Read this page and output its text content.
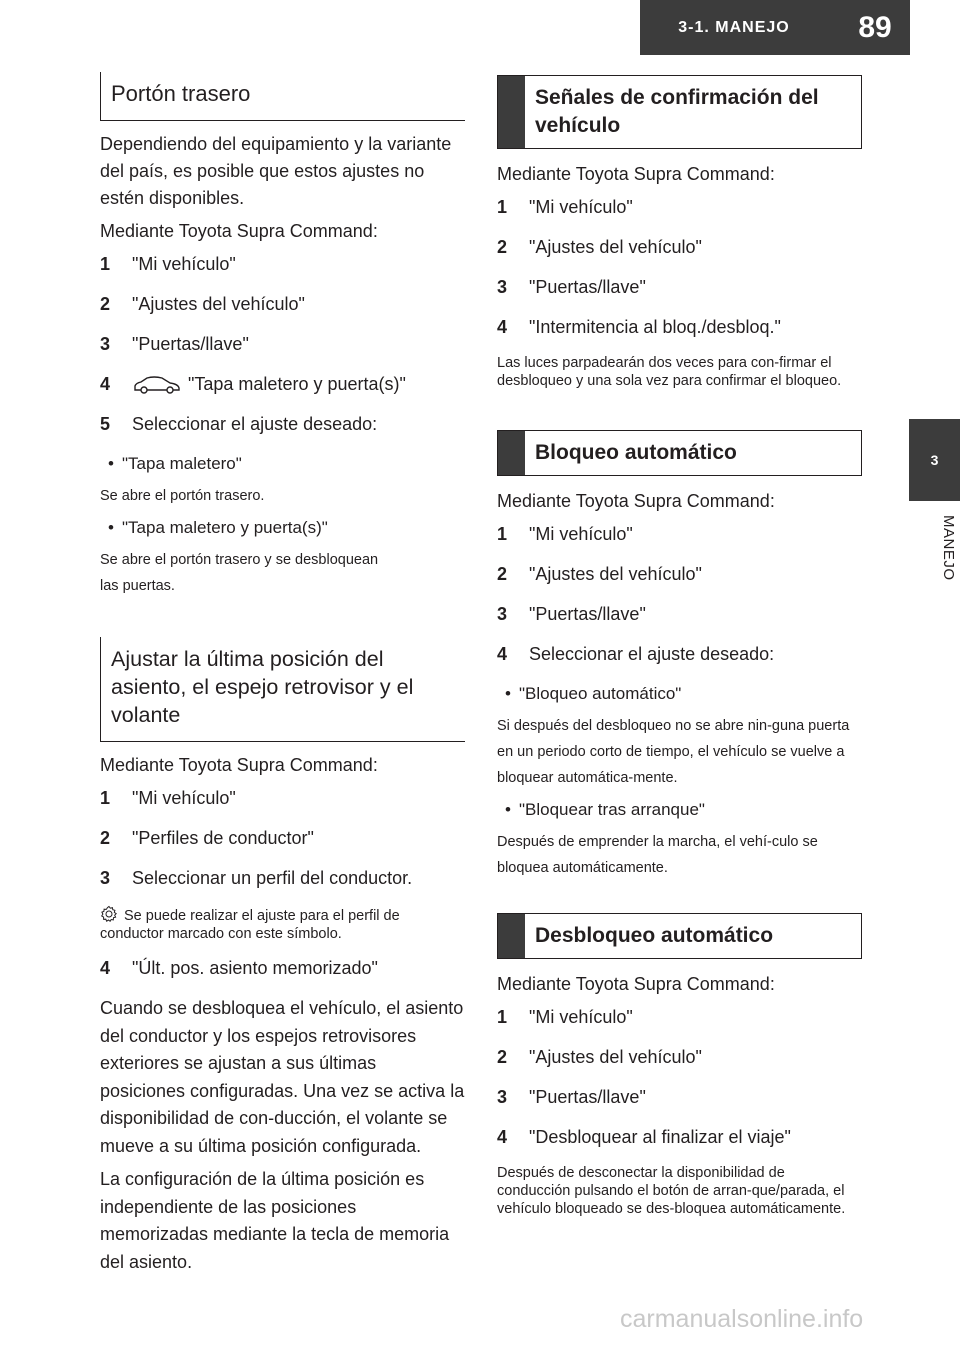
3-1. MANEJO	89
3
MANEJO
Portón trasero

Dependiendo del equipamiento y la variante del país, es posible que estos ajustes no estén disponibles.

Mediante Toyota Supra Command:

1	"Mi vehículo"
2	"Ajustes del vehículo"
3	"Puertas/llave"
4	"Tapa maletero y puerta(s)"
5	Seleccionar el ajuste deseado:
• "Tapa maletero"

Se abre el portón trasero.

• "Tapa maletero y puerta(s)"

Se abre el portón trasero y se desbloquean

las puertas.

Ajustar la última posición del asiento, el espejo retrovisor y el volante

Mediante Toyota Supra Command:

1	"Mi vehículo"
2	"Perfiles de conductor"
3	Seleccionar un perfil del conductor.

Se puede realizar el ajuste para el perfil de conductor marcado con este símbolo.

4	"Últ. pos. asiento memorizado"

Cuando se desbloquea el vehículo, el asiento del conductor y los espejos retrovisores exteriores se ajustan a sus últimas posiciones configuradas. Una vez se activa la disponibilidad de con-ducción, el volante se mueve a su última posición configurada.

La configuración de la última posición es independiente de las posiciones memorizadas mediante la tecla de memoria del asiento.

Señales de confirmación del vehículo

Mediante Toyota Supra Command:

1	"Mi vehículo"
2	"Ajustes del vehículo"
3	"Puertas/llave"
4	"Intermitencia al bloq./desbloq."

Las luces parpadearán dos veces para con-firmar el desbloqueo y una sola vez para confirmar el bloqueo.

Bloqueo automático

Mediante Toyota Supra Command:

1	"Mi vehículo"
2	"Ajustes del vehículo"
3	"Puertas/llave"
4	Seleccionar el ajuste deseado:
• "Bloqueo automático"

Si después del desbloqueo no se abre nin-guna puerta en un periodo corto de tiempo, el vehículo se vuelve a bloquear automática-mente.

• "Bloquear tras arranque"

Después de emprender la marcha, el vehí-culo se bloquea automáticamente.

Desbloqueo automático

Mediante Toyota Supra Command:

1	"Mi vehículo"
2	"Ajustes del vehículo"
3	"Puertas/llave"
4	"Desbloquear al finalizar el viaje"

Después de desconectar la disponibilidad de conducción pulsando el botón de arran-que/parada, el vehículo bloqueado se des-bloquea automáticamente.

carmanualsonline.info
